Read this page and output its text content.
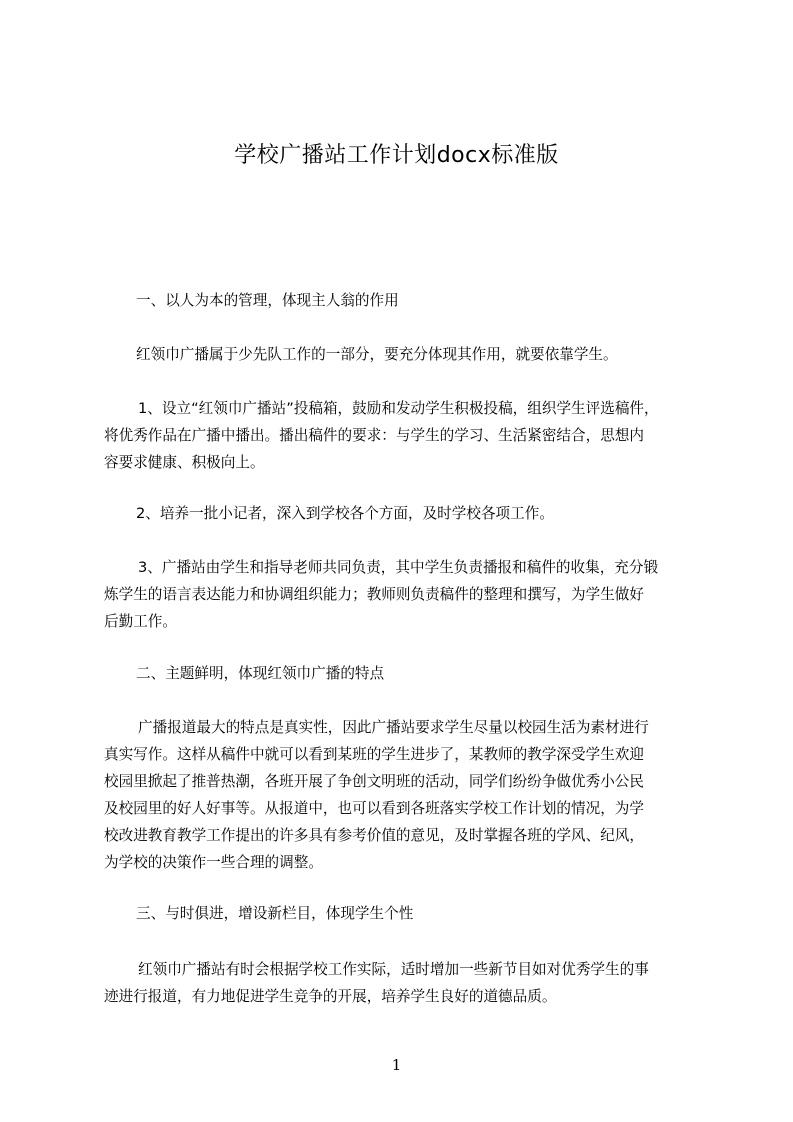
学校广播站工作计划docx标准版
一、以人为本的管理，体现主人翁的作用
红领巾广播属于少先队工作的一部分，要充分体现其作用，就要依靠学生。
1、设立“红领巾广播站”投稿箱，鼓励和发动学生积极投稿，组织学生评选稿件，
将优秀作品在广播中播出。播出稿件的要求：与学生的学习、生活紧密结合，思想内
容要求健康、积极向上。
2、培养一批小记者，深入到学校各个方面，及时学校各项工作。
3、广播站由学生和指导老师共同负责，其中学生负责播报和稿件的收集，充分锻
炼学生的语言表达能力和协调组织能力；教师则负责稿件的整理和撰写，为学生做好
后勤工作。
二、主题鲜明，体现红领巾广播的特点
广播报道最大的特点是真实性，因此广播站要求学生尽量以校园生活为素材进行
真实写作。这样从稿件中就可以看到某班的学生进步了，某教师的教学深受学生欢迎
校园里掀起了推普热潮，各班开展了争创文明班的活动，同学们纷纷争做优秀小公民
及校园里的好人好事等。从报道中，也可以看到各班落实学校工作计划的情况，为学
校改进教育教学工作提出的许多具有参考价值的意见，及时掌握各班的学风、纪风，
为学校的决策作一些合理的调整。
三、与时俱进，增设新栏目，体现学生个性
红领巾广播站有时会根据学校工作实际，适时增加一些新节目如对优秀学生的事
迹进行报道，有力地促进学生竞争的开展，培养学生良好的道德品质。
1
